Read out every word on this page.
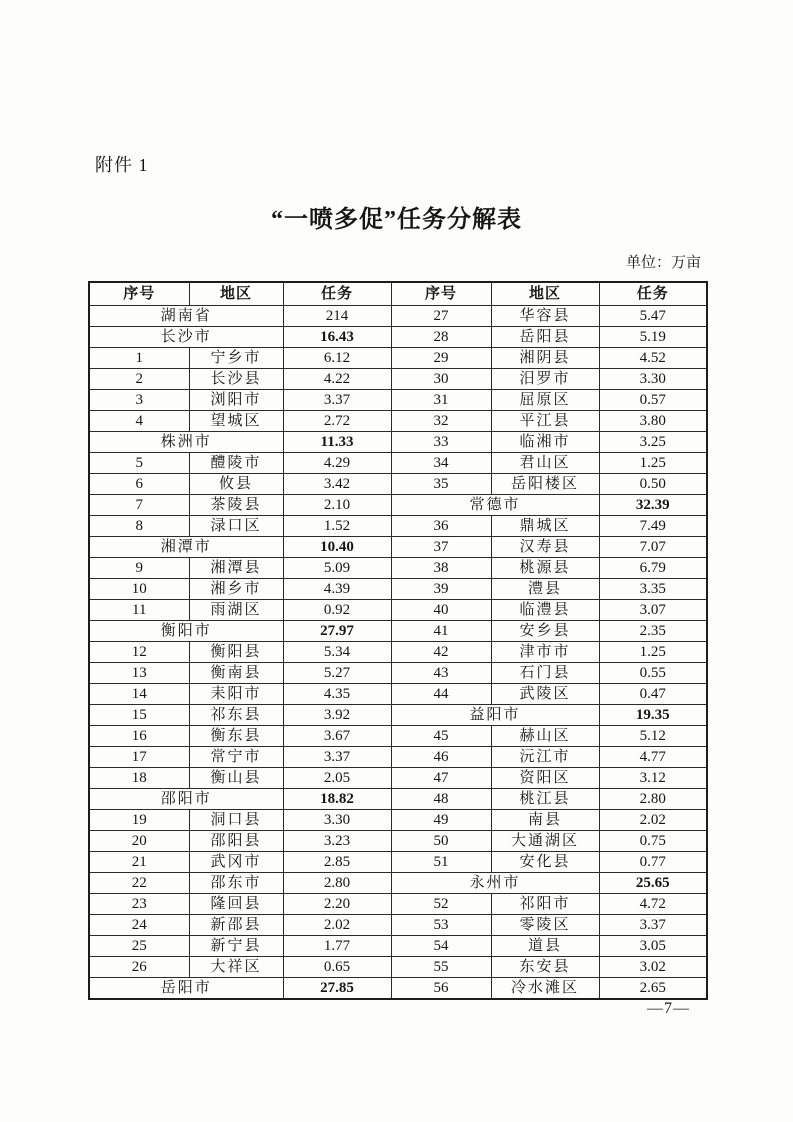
附件 1
“一喷多促”任务分解表
单位：万亩
序号	地区	任务	序号	地区	任务
湖南省		214	27	华容县	5.47
长沙市		16.43	28	岳阳县	5.19
1	宁乡市	6.12	29	湘阴县	4.52
2	长沙县	4.22	30	汨罗市	3.30
3	浏阳市	3.37	31	屈原区	0.57
4	望城区	2.72	32	平江县	3.80
株洲市		11.33	33	临湘市	3.25
5	醴陵市	4.29	34	君山区	1.25
6	攸县	3.42	35	岳阳楼区	0.50
7	茶陵县	2.10	常德市		32.39
8	渌口区	1.52	36	鼎城区	7.49
湘潭市		10.40	37	汉寿县	7.07
9	湘潭县	5.09	38	桃源县	6.79
10	湘乡市	4.39	39	澧县	3.35
11	雨湖区	0.92	40	临澧县	3.07
衡阳市		27.97	41	安乡县	2.35
12	衡阳县	5.34	42	津市市	1.25
13	衡南县	5.27	43	石门县	0.55
14	耒阳市	4.35	44	武陵区	0.47
15	祁东县	3.92	益阳市		19.35
16	衡东县	3.67	45	赫山区	5.12
17	常宁市	3.37	46	沅江市	4.77
18	衡山县	2.05	47	资阳区	3.12
邵阳市		18.82	48	桃江县	2.80
19	洞口县	3.30	49	南县	2.02
20	邵阳县	3.23	50	大通湖区	0.75
21	武冈市	2.85	51	安化县	0.77
22	邵东市	2.80	永州市		25.65
23	隆回县	2.20	52	祁阳市	4.72
24	新邵县	2.02	53	零陵区	3.37
25	新宁县	1.77	54	道县	3.05
26	大祥区	0.65	55	东安县	3.02
岳阳市		27.85	56	冷水滩区	2.65
—7—
